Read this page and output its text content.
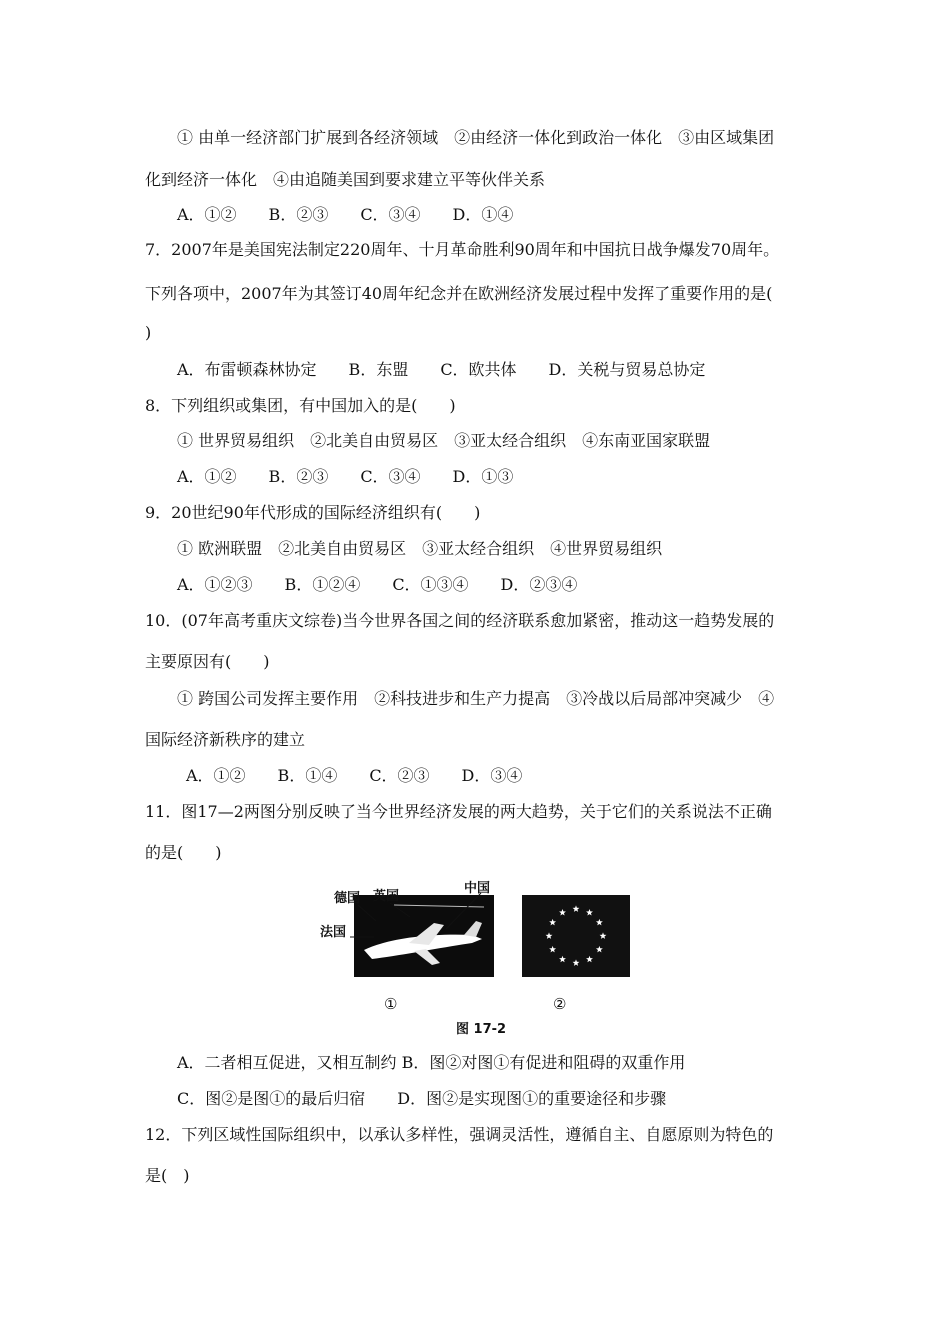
① 由单一经济部门扩展到各经济领域　②由经济一体化到政治一体化　③由区域集团
化到经济一体化　④由追随美国到要求建立平等伙伴关系
A．①②　　B．②③　　C．③④　　D．①④
7．2007年是美国宪法制定220周年、十月革命胜利90周年和中国抗日战争爆发70周年。
下列各项中，2007年为其签订40周年纪念并在欧洲经济发展过程中发挥了重要作用的是(
)
A．布雷顿森林协定　　B．东盟　　C．欧共体　　D．关税与贸易总协定
8．下列组织或集团，有中国加入的是(　　)
① 世界贸易组织　②北美自由贸易区　③亚太经合组织　④东南亚国家联盟
A．①②　　B．②③　　C．③④　　D．①③
9．20世纪90年代形成的国际经济组织有(　　)
① 欧洲联盟　②北美自由贸易区　③亚太经合组织　④世界贸易组织
A．①②③　　B．①②④　　C．①③④　　D．②③④
10．(07年高考重庆文综卷)当今世界各国之间的经济联系愈加紧密，推动这一趋势发展的
主要原因有(　　)
① 跨国公司发挥主要作用　②科技进步和生产力提高　③冷战以后局部冲突减少　④
国际经济新秩序的建立
A．①②　　B．①④　　C．②③　　D．③④
11．图17—2两图分别反映了当今世界经济发展的两大趋势，关于它们的关系说法不正确
的是(　　)
德国 英国
中国
法国
①	②
图 17-2
A．二者相互促进，又相互制约 B．图②对图①有促进和阻碍的双重作用
C．图②是图①的最后归宿　　D．图②是实现图①的重要途径和步骤
12．下列区域性国际组织中，以承认多样性，强调灵活性，遵循自主、自愿原则为特色的
是(　)
